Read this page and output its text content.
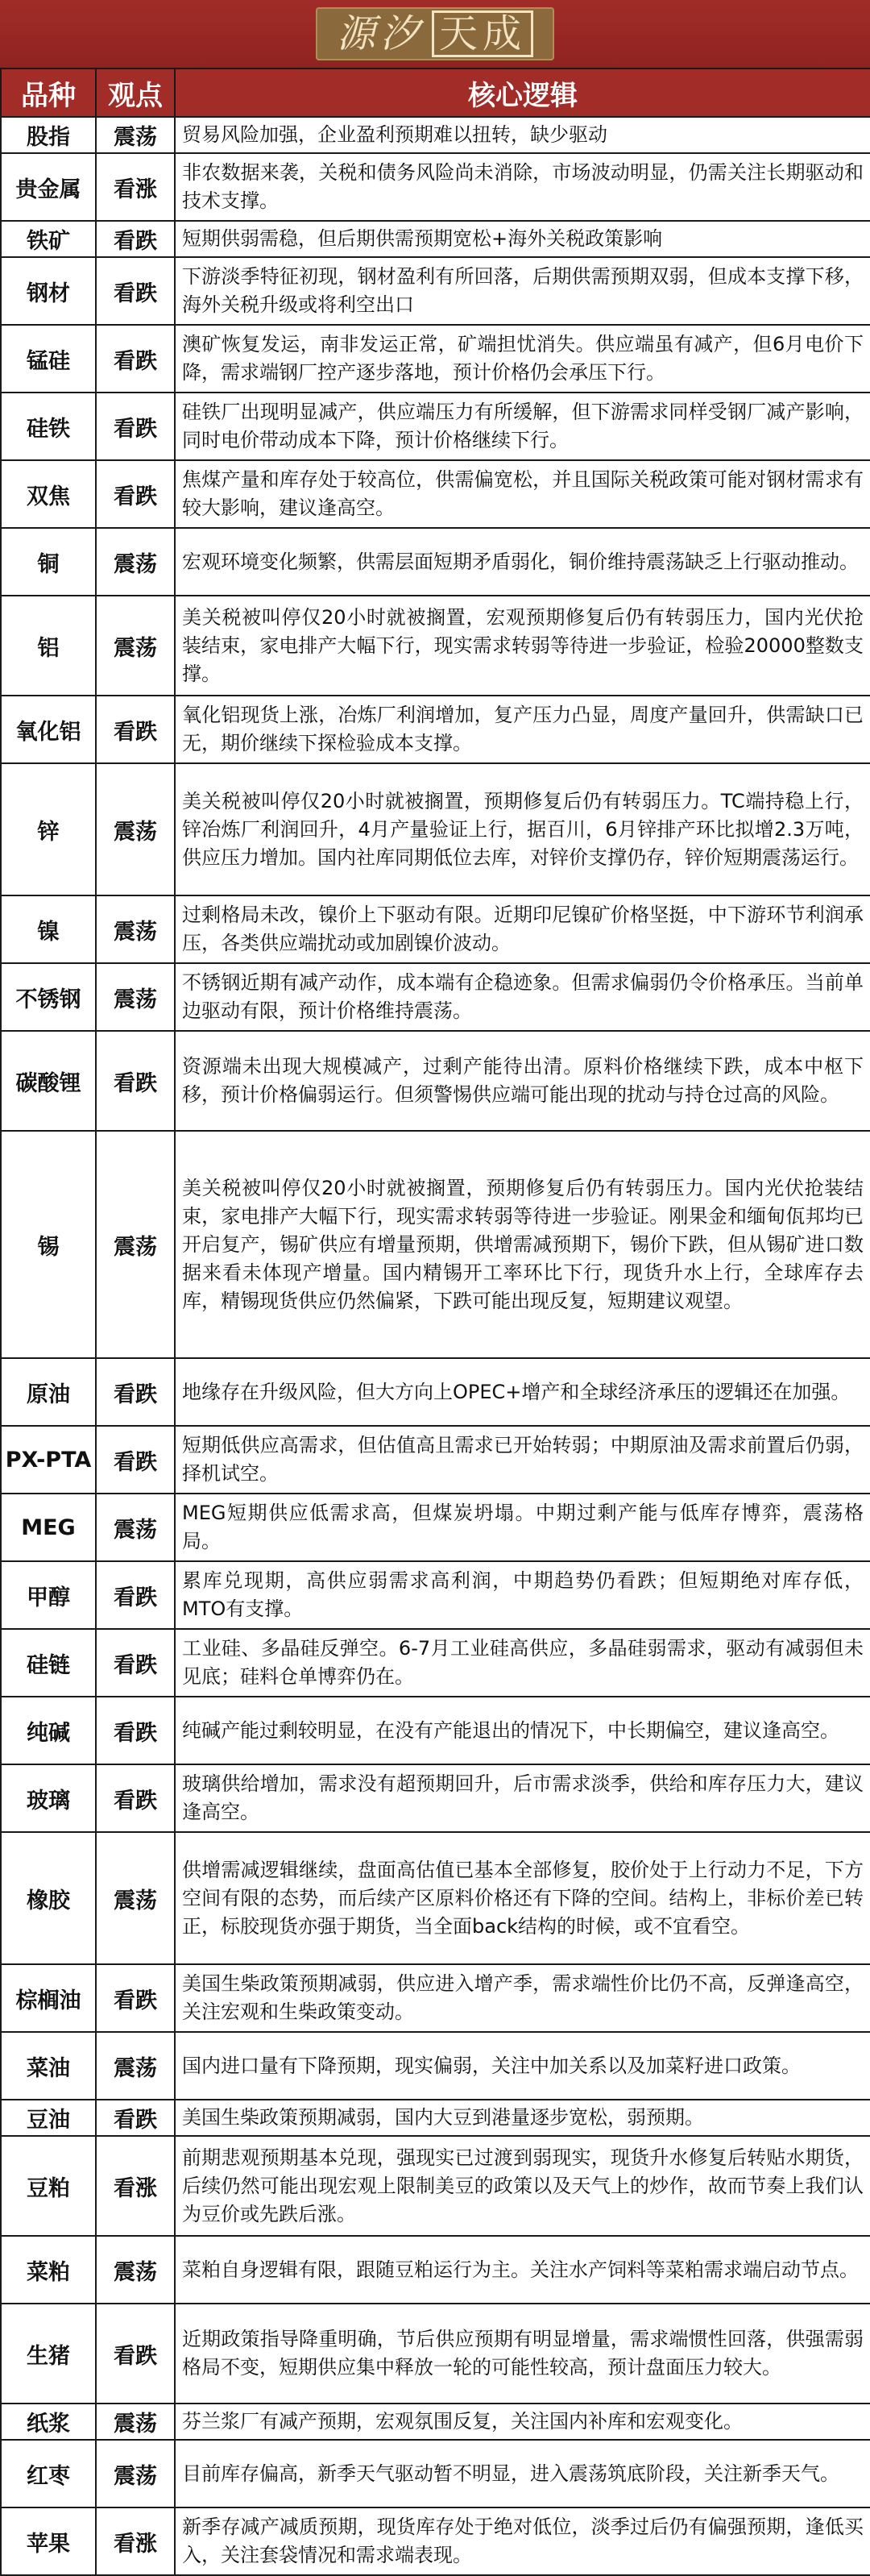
源汐 天成
品种	观点	核心逻辑
股指	震荡	贸易风险加强，企业盈利预期难以扭转，缺少驱动
贵金属	看涨	非农数据来袭，关税和债务风险尚未消除，市场波动明显，仍需关注长期驱动和技术支撑。
铁矿	看跌	短期供弱需稳，但后期供需预期宽松+海外关税政策影响
钢材	看跌	下游淡季特征初现，钢材盈利有所回落，后期供需预期双弱，但成本支撑下移，海外关税升级或将利空出口
锰硅	看跌	澳矿恢复发运，南非发运正常，矿端担忧消失。供应端虽有减产，但6月电价下降，需求端钢厂控产逐步落地，预计价格仍会承压下行。
硅铁	看跌	硅铁厂出现明显减产，供应端压力有所缓解，但下游需求同样受钢厂减产影响，同时电价带动成本下降，预计价格继续下行。
双焦	看跌	焦煤产量和库存处于较高位，供需偏宽松，并且国际关税政策可能对钢材需求有较大影响，建议逢高空。
铜	震荡	宏观环境变化频繁，供需层面短期矛盾弱化，铜价维持震荡缺乏上行驱动推动。
铝	震荡	美关税被叫停仅20小时就被搁置，宏观预期修复后仍有转弱压力，国内光伏抢装结束，家电排产大幅下行，现实需求转弱等待进一步验证，检验20000整数支撑。
氧化铝	看跌	氧化铝现货上涨，冶炼厂利润增加，复产压力凸显，周度产量回升，供需缺口已无，期价继续下探检验成本支撑。
锌	震荡	美关税被叫停仅20小时就被搁置，预期修复后仍有转弱压力。TC端持稳上行，锌冶炼厂利润回升，4月产量验证上行，据百川，6月锌排产环比拟增2.3万吨，供应压力增加。国内社库同期低位去库，对锌价支撑仍存，锌价短期震荡运行。
镍	震荡	过剩格局未改，镍价上下驱动有限。近期印尼镍矿价格坚挺，中下游环节利润承压，各类供应端扰动或加剧镍价波动。
不锈钢	震荡	不锈钢近期有减产动作，成本端有企稳迹象。但需求偏弱仍令价格承压。当前单边驱动有限，预计价格维持震荡。
碳酸锂	看跌	资源端未出现大规模减产，过剩产能待出清。原料价格继续下跌，成本中枢下移，预计价格偏弱运行。但须警惕供应端可能出现的扰动与持仓过高的风险。
锡	震荡	美关税被叫停仅20小时就被搁置，预期修复后仍有转弱压力。国内光伏抢装结束，家电排产大幅下行，现实需求转弱等待进一步验证。刚果金和缅甸佤邦均已开启复产，锡矿供应有增量预期，供增需减预期下，锡价下跌，但从锡矿进口数据来看未体现产增量。国内精锡开工率环比下行，现货升水上行，全球库存去库，精锡现货供应仍然偏紧，下跌可能出现反复，短期建议观望。
原油	看跌	地缘存在升级风险，但大方向上OPEC+增产和全球经济承压的逻辑还在加强。
PX-PTA	看跌	短期低供应高需求，但估值高且需求已开始转弱；中期原油及需求前置后仍弱，择机试空。
MEG	震荡	MEG短期供应低需求高，但煤炭坍塌。中期过剩产能与低库存博弈，震荡格局。
甲醇	看跌	累库兑现期，高供应弱需求高利润，中期趋势仍看跌；但短期绝对库存低，MTO有支撑。
硅链	看跌	工业硅、多晶硅反弹空。6-7月工业硅高供应，多晶硅弱需求，驱动有减弱但未见底；硅料仓单博弈仍在。
纯碱	看跌	纯碱产能过剩较明显，在没有产能退出的情况下，中长期偏空，建议逢高空。
玻璃	看跌	玻璃供给增加，需求没有超预期回升，后市需求淡季，供给和库存压力大，建议逢高空。
橡胶	震荡	供增需减逻辑继续，盘面高估值已基本全部修复，胶价处于上行动力不足，下方空间有限的态势，而后续产区原料价格还有下降的空间。结构上，非标价差已转正，标胶现货亦强于期货，当全面back结构的时候，或不宜看空。
棕榈油	看跌	美国生柴政策预期减弱，供应进入增产季，需求端性价比仍不高，反弹逢高空，关注宏观和生柴政策变动。
菜油	震荡	国内进口量有下降预期，现实偏弱，关注中加关系以及加菜籽进口政策。
豆油	看跌	美国生柴政策预期减弱，国内大豆到港量逐步宽松，弱预期。
豆粕	看涨	前期悲观预期基本兑现，强现实已过渡到弱现实，现货升水修复后转贴水期货，后续仍然可能出现宏观上限制美豆的政策以及天气上的炒作，故而节奏上我们认为豆价或先跌后涨。
菜粕	震荡	菜粕自身逻辑有限，跟随豆粕运行为主。关注水产饲料等菜粕需求端启动节点。
生猪	看跌	近期政策指导降重明确，节后供应预期有明显增量，需求端惯性回落，供强需弱格局不变，短期供应集中释放一轮的可能性较高，预计盘面压力较大。
纸浆	震荡	芬兰浆厂有减产预期，宏观氛围反复，关注国内补库和宏观变化。
红枣	震荡	目前库存偏高，新季天气驱动暂不明显，进入震荡筑底阶段，关注新季天气。
苹果	看涨	新季存减产减质预期，现货库存处于绝对低位，淡季过后仍有偏强预期，逢低买入，关注套袋情况和需求端表现。
